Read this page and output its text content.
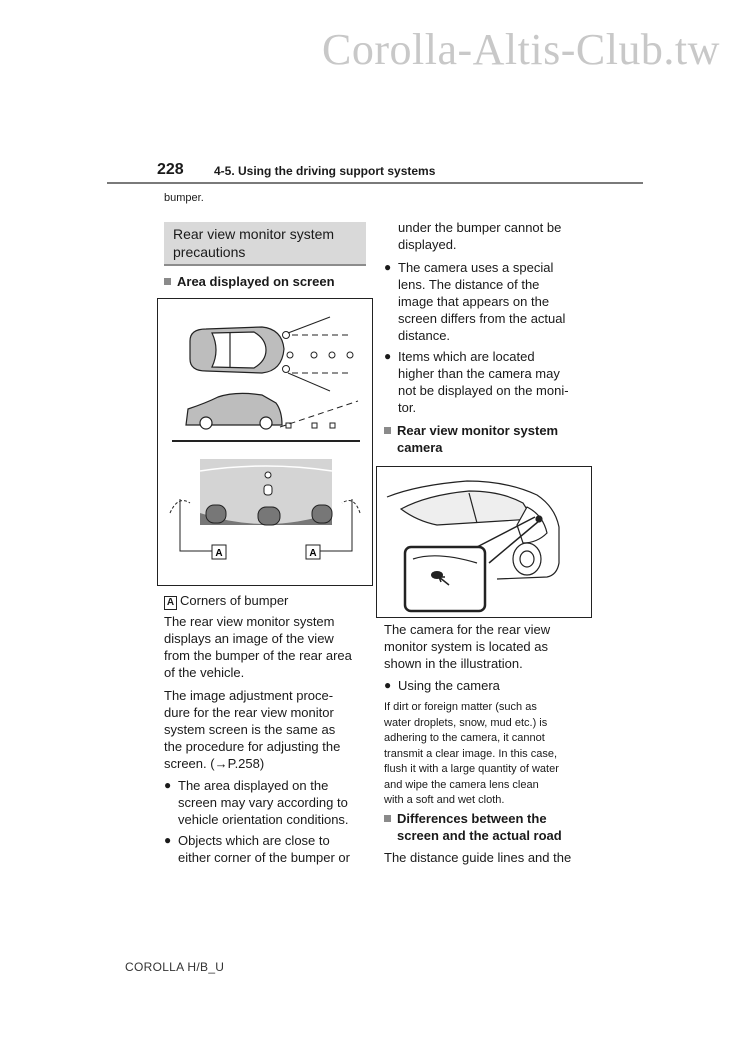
Corolla-Altis-Club.tw
228	4-5. Using the driving support systems
bumper.
Rear view monitor system
precautions
Area displayed on screen
A	A
A Corners of bumper
The rear view monitor system
displays an image of the view
from the bumper of the rear area
of the vehicle.
The image adjustment proce-
dure for the rear view monitor
system screen is the same as
the procedure for adjusting the
screen. (→P.258)
● The area displayed on the
screen may vary according to
vehicle orientation conditions.
● Objects which are close to
either corner of the bumper or
under the bumper cannot be
displayed.
● The camera uses a special
lens. The distance of the
image that appears on the
screen differs from the actual
distance.
● Items which are located
higher than the camera may
not be displayed on the moni-
tor.
Rear view monitor system
camera
The camera for the rear view
monitor system is located as
shown in the illustration.
● Using the camera
If dirt or foreign matter (such as
water droplets, snow, mud etc.) is
adhering to the camera, it cannot
transmit a clear image. In this case,
flush it with a large quantity of water
and wipe the camera lens clean
with a soft and wet cloth.
Differences between the
screen and the actual road
The distance guide lines and the
COROLLA H/B_U
